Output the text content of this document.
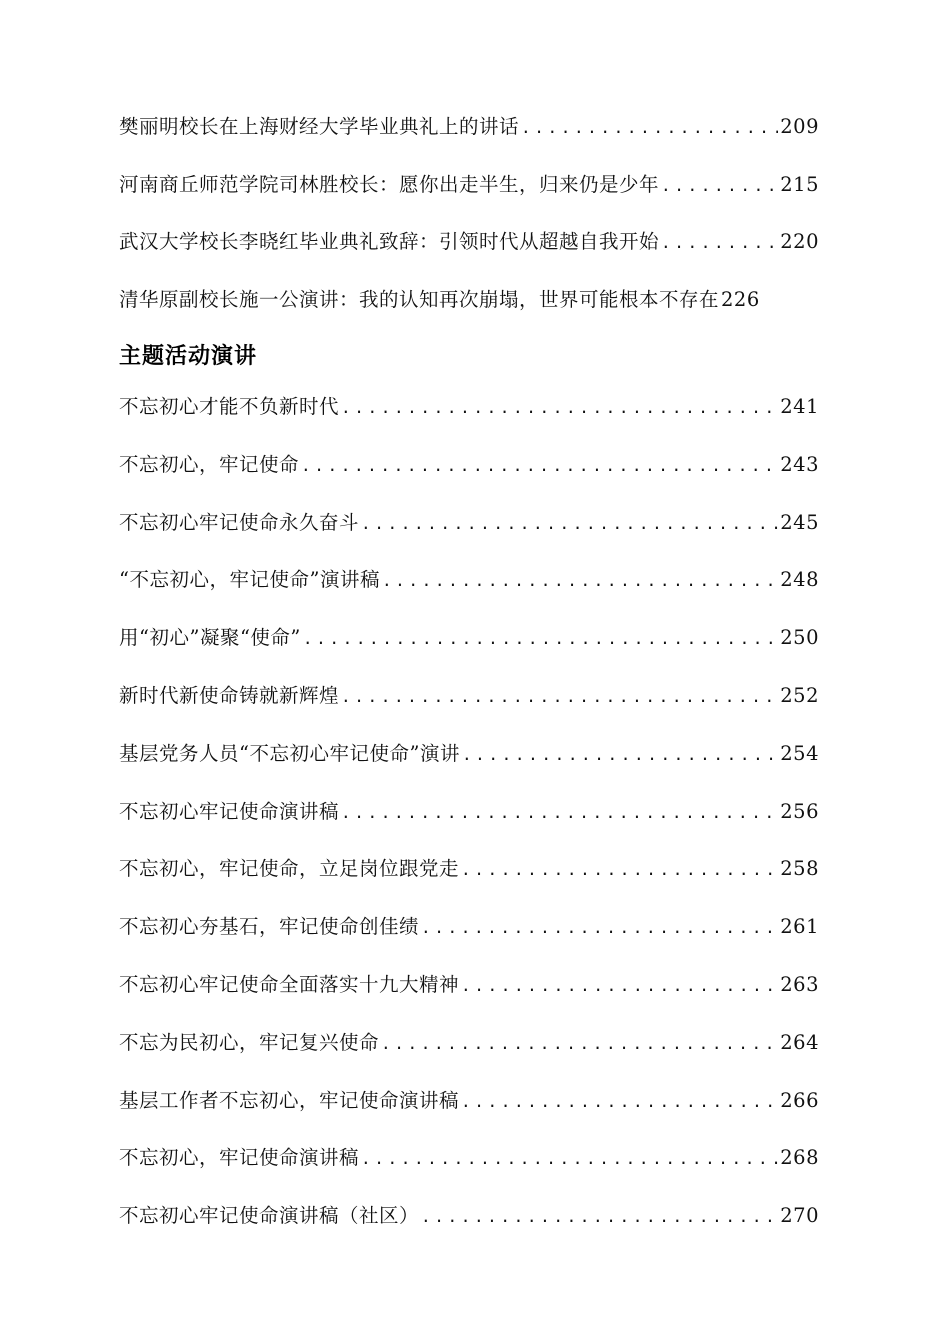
樊丽明校长在上海财经大学毕业典礼上的讲话 .....	209
河南商丘师范学院司林胜校长：愿你出走半生，归来仍是少年 .....	215
武汉大学校长李晓红毕业典礼致辞：引领时代从超越自我开始 .....	220
清华原副校长施一公演讲：我的认知再次崩塌，世界可能根本不存在 226
主题活动演讲
不忘初心才能不负新时代 .....	241
不忘初心，牢记使命 .....	243
不忘初心牢记使命永久奋斗 .....	245
“不忘初心，牢记使命”演讲稿 .....	248
用“初心”凝聚“使命” .....	250
新时代新使命铸就新辉煌 .....	252
基层党务人员“不忘初心牢记使命”演讲 .....	254
不忘初心牢记使命演讲稿 .....	256
不忘初心，牢记使命，立足岗位跟党走 .....	258
不忘初心夯基石，牢记使命创佳绩 .....	261
不忘初心牢记使命全面落实十九大精神 .....	263
不忘为民初心，牢记复兴使命 .....	264
基层工作者不忘初心，牢记使命演讲稿 .....	266
不忘初心，牢记使命演讲稿 .....	268
不忘初心牢记使命演讲稿（社区） .....	270
